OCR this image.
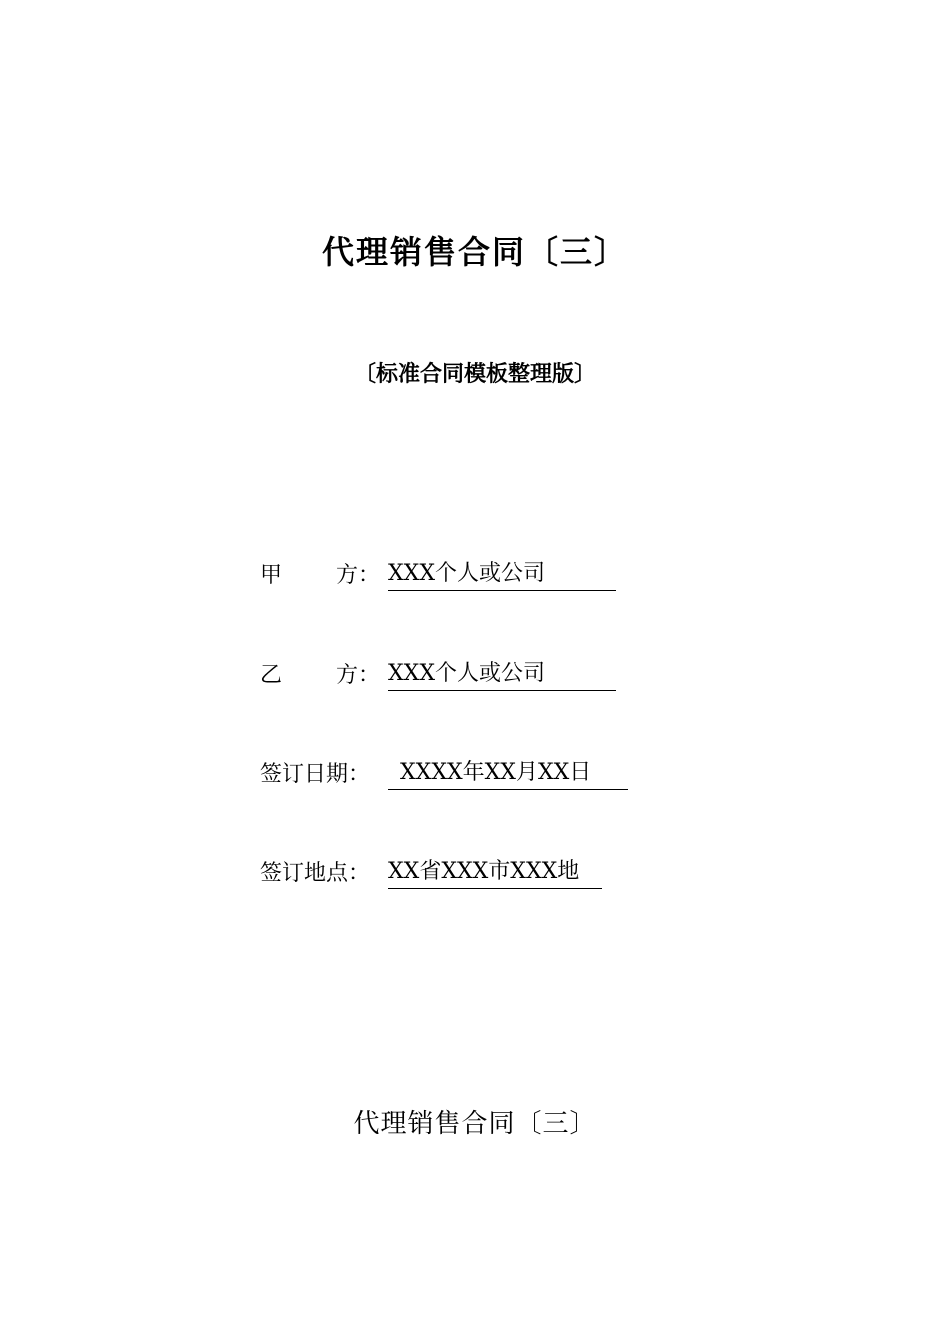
代理销售合同〔三〕
〔标准合同模板整理版〕
甲 方： XXX个人或公司
乙 方： XXX个人或公司
签订日期： XXXX年XX月XX日
签订地点： XX省XXX市XXX地
代理销售合同〔三〕
